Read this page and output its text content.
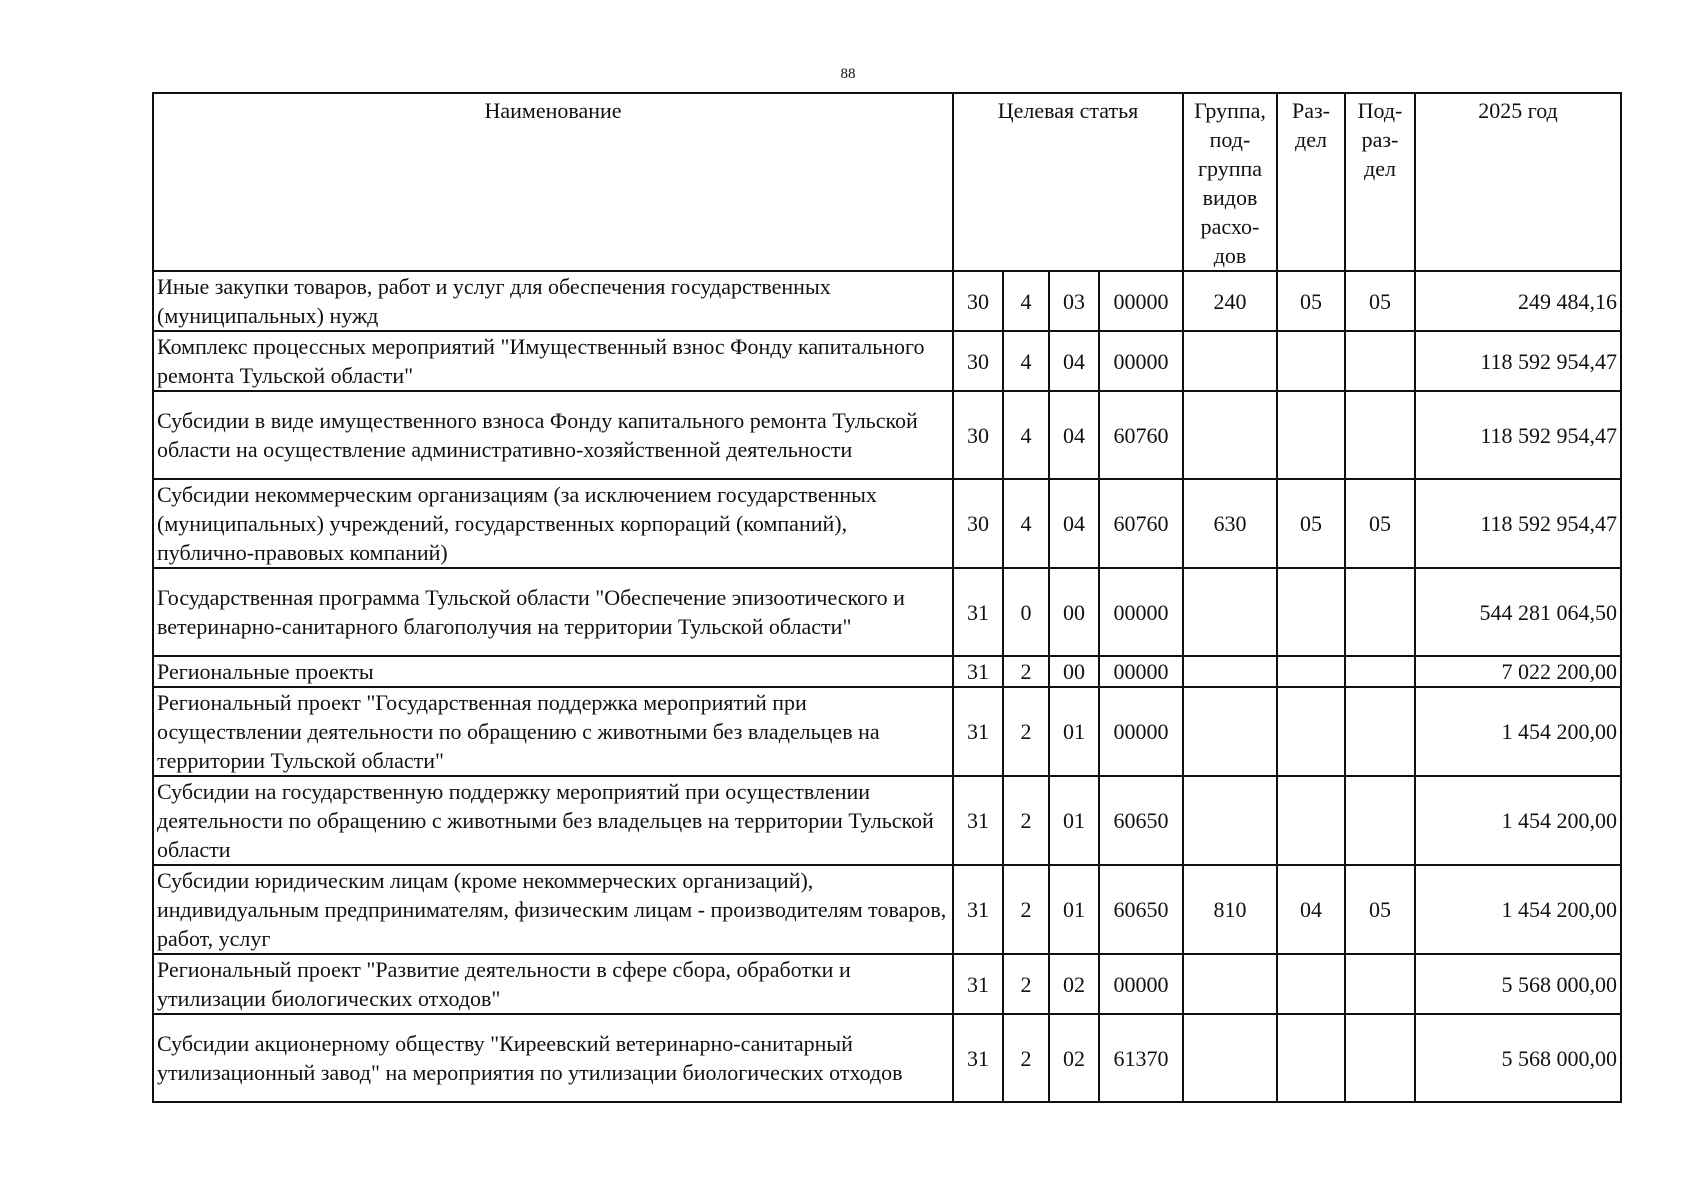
88
Наименование	Целевая статья				Группа, под-группа видов расхо-дов	Раз-дел	Под-раз-дел	2025 год
Иные закупки товаров, работ и услуг для обеспечения государственных (муниципальных) нужд	30	4	03	00000	240	05	05	249 484,16
Комплекс процессных мероприятий "Имущественный взнос Фонду капитального ремонта Тульской области"	30	4	04	00000				118 592 954,47
Субсидии в виде имущественного взноса Фонду капитального ремонта Тульской области на осуществление административно-хозяйственной деятельности	30	4	04	60760				118 592 954,47
Субсидии некоммерческим организациям (за исключением государственных (муниципальных) учреждений, государственных корпораций (компаний), публично-правовых компаний)	30	4	04	60760	630	05	05	118 592 954,47
Государственная программа Тульской области "Обеспечение эпизоотического и ветеринарно-санитарного благополучия на территории Тульской области"	31	0	00	00000				544 281 064,50
Региональные проекты	31	2	00	00000				7 022 200,00
Региональный проект "Государственная поддержка мероприятий при осуществлении деятельности по обращению с животными без владельцев на территории Тульской области"	31	2	01	00000				1 454 200,00
Субсидии на государственную поддержку мероприятий при осуществлении деятельности по обращению с животными без владельцев на территории Тульской области	31	2	01	60650				1 454 200,00
Субсидии юридическим лицам (кроме некоммерческих организаций), индивидуальным предпринимателям, физическим лицам - производителям товаров, работ, услуг	31	2	01	60650	810	04	05	1 454 200,00
Региональный проект "Развитие деятельности в сфере сбора, обработки и утилизации биологических отходов"	31	2	02	00000				5 568 000,00
Субсидии акционерному обществу "Киреевский ветеринарно-санитарный утилизационный завод" на мероприятия по утилизации биологических отходов	31	2	02	61370				5 568 000,00
